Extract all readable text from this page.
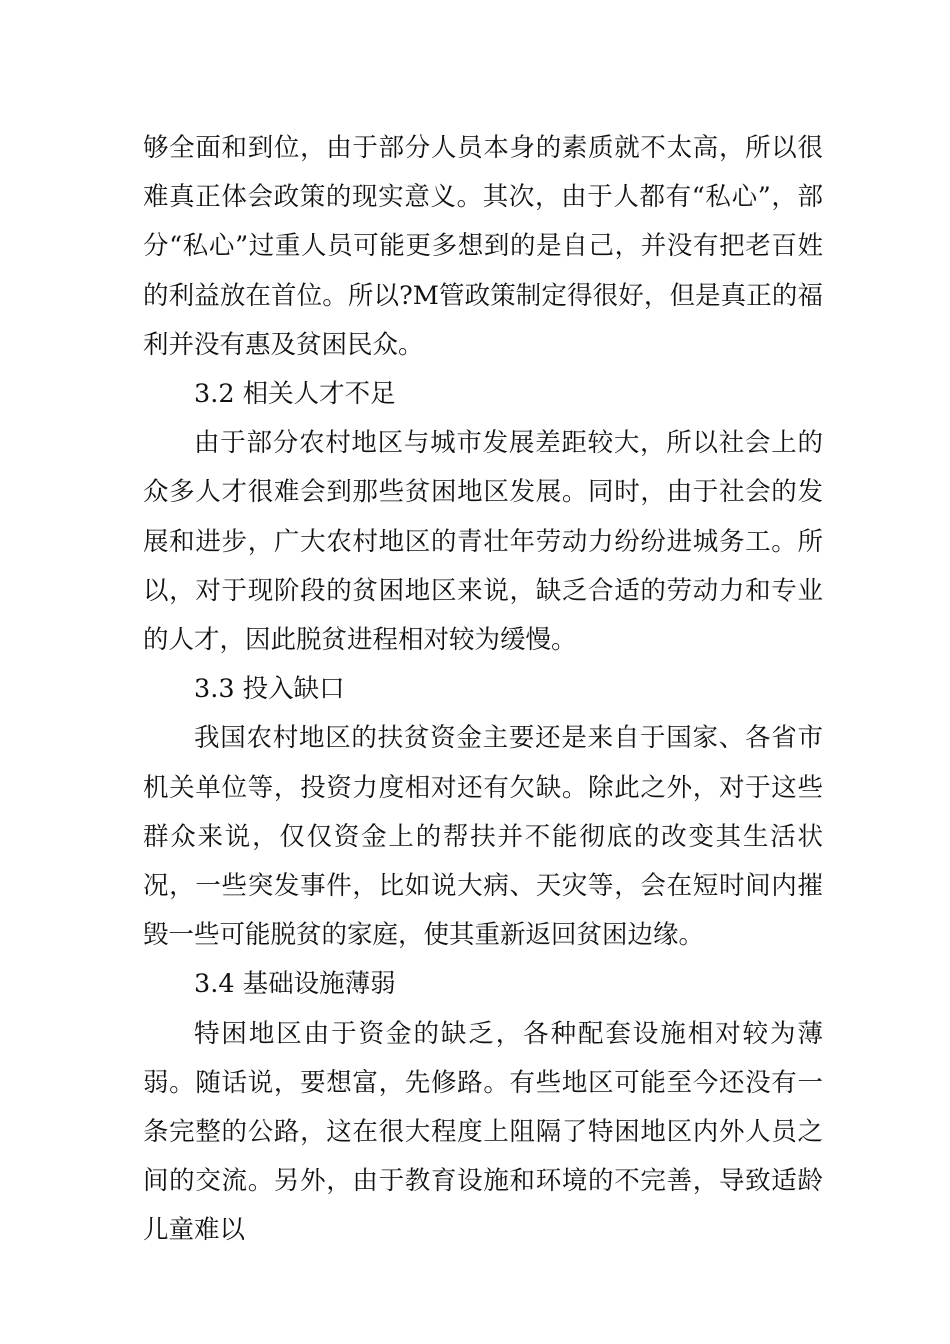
够全面和到位，由于部分人员本身的素质就不太高，所以很难真正体会政策的现实意义。其次，由于人都有“私心”，部分“私心”过重人员可能更多想到的是自己，并没有把老百姓的利益放在首位。所以?M管政策制定得很好，但是真正的福利并没有惠及贫困民众。

3.2 相关人才不足

由于部分农村地区与城市发展差距较大，所以社会上的众多人才很难会到那些贫困地区发展。同时，由于社会的发展和进步，广大农村地区的青壮年劳动力纷纷进城务工。所以，对于现阶段的贫困地区来说，缺乏合适的劳动力和专业的人才，因此脱贫进程相对较为缓慢。

3.3 投入缺口

我国农村地区的扶贫资金主要还是来自于国家、各省市机关单位等，投资力度相对还有欠缺。除此之外，对于这些群众来说，仅仅资金上的帮扶并不能彻底的改变其生活状况，一些突发事件，比如说大病、天灾等，会在短时间内摧毁一些可能脱贫的家庭，使其重新返回贫困边缘。

3.4 基础设施薄弱

特困地区由于资金的缺乏，各种配套设施相对较为薄弱。随话说，要想富，先修路。有些地区可能至今还没有一条完整的公路，这在很大程度上阻隔了特困地区内外人员之间的交流。另外，由于教育设施和环境的不完善，导致适龄儿童难以
